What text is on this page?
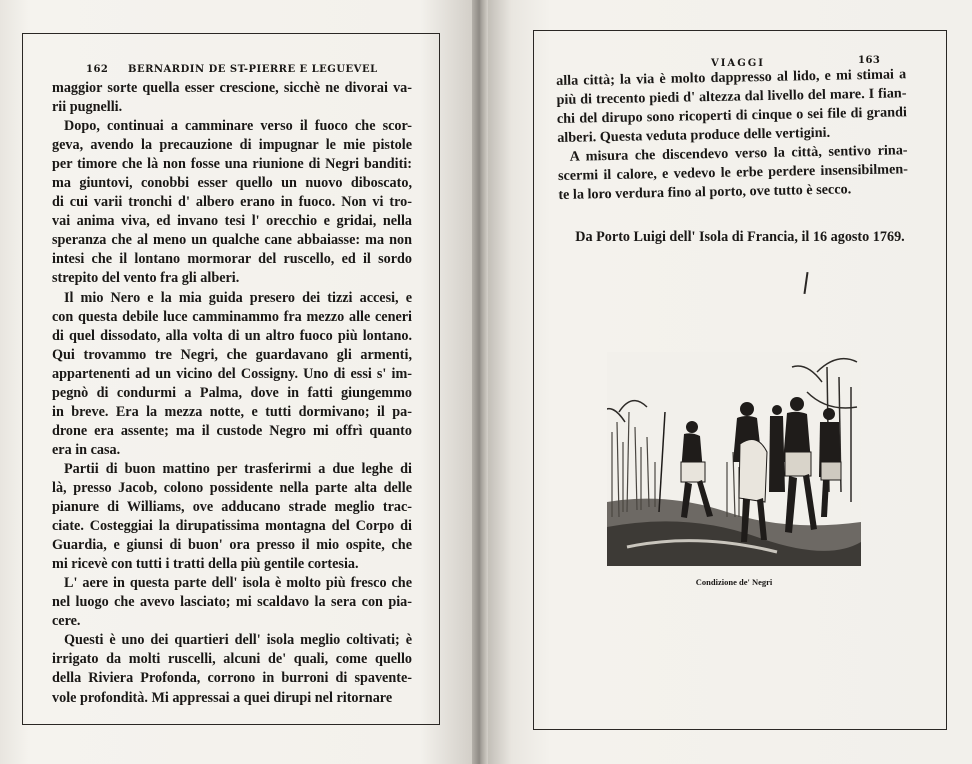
162 BERNARDIN DE ST-PIERRE E LEGUEVEL
maggior sorte quella esser crescione, sicchè ne divorai va-
rii pugnelli.
Dopo, continuai a camminare verso il fuoco che scor-
geva, avendo la precauzione di impugnar le mie pistole
per timore che là non fosse una riunione di Negri banditi:
ma giuntovi, conobbi esser quello un nuovo diboscato,
di cui varii tronchi d' albero erano in fuoco. Non vi tro-
vai anima viva, ed invano tesi l' orecchio e gridai, nella
speranza che al meno un qualche cane abbaiasse: ma non
intesi che il lontano mormorar del ruscello, ed il sordo
strepito del vento fra gli alberi.
Il mio Nero e la mia guida presero dei tizzi accesi, e
con questa debile luce camminammo fra mezzo alle ceneri
di quel dissodato, alla volta di un altro fuoco più lontano.
Qui trovammo tre Negri, che guardavano gli armenti,
appartenenti ad un vicino del Cossigny. Uno di essi s' im-
pegnò di condurmi a Palma, dove in fatti giungemmo
in breve. Era la mezza notte, e tutti dormivano; il pa-
drone era assente; ma il custode Negro mi offrì quanto
era in casa.
Partii di buon mattino per trasferirmi a due leghe di
là, presso Jacob, colono possidente nella parte alta delle
pianure di Williams, ove adducano strade meglio trac-
ciate. Costeggiai la dirupatissima montagna del Corpo di
Guardia, e giunsi di buon' ora presso il mio ospite, che
mi ricevè con tutti i tratti della più gentile cortesia.
L' aere in questa parte dell' isola è molto più fresco che
nel luogo che avevo lasciato; mi scaldavo la sera con pia-
cere.
Questi è uno dei quartieri dell' isola meglio coltivati; è
irrigato da molti ruscelli, alcuni de' quali, come quello
della Riviera Profonda, corrono in burroni di spavente-
vole profondità. Mi appressai a quei dirupi nel ritornare
VIAGGI	163
alla città; la via è molto dappresso al lido, e mi stimai a
più di trecento piedi d' altezza dal livello del mare. I fian-
chi del dirupo sono ricoperti di cinque o sei file di grandi
alberi. Questa veduta produce delle vertigini.
A misura che discendevo verso la città, sentivo rina-
scermi il calore, e vedevo le erbe perdere insensibilmen-
te la loro verdura fino al porto, ove tutto è secco.
Da Porto Luigi dell' Isola di Francia, il 16 agosto 1769.
Condizione de' Negri
